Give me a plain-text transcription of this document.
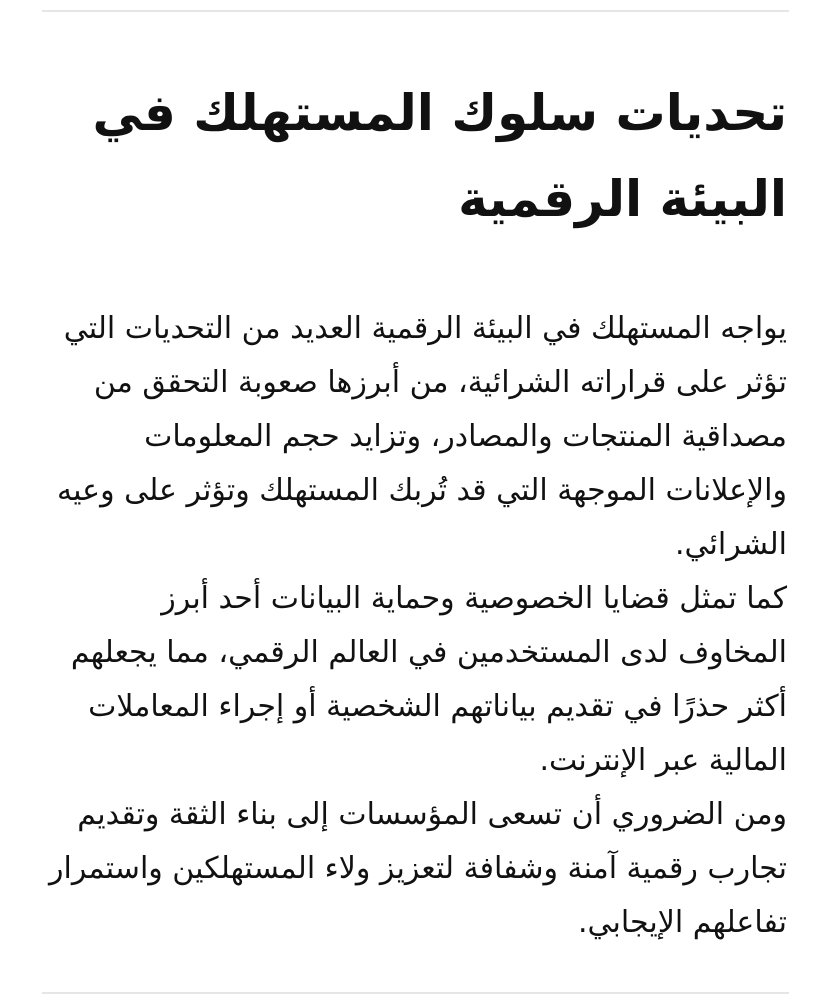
تحديات سلوك المستهلك في البيئة الرقمية

يواجه المستهلك في البيئة الرقمية العديد من التحديات التي تؤثر على قراراته الشرائية، من أبرزها صعوبة التحقق من مصداقية المنتجات والمصادر، وتزايد حجم المعلومات والإعلانات الموجهة التي قد تُربك المستهلك وتؤثر على وعيه الشرائي.

كما تمثل قضايا الخصوصية وحماية البيانات أحد أبرز المخاوف لدى المستخدمين في العالم الرقمي، مما يجعلهم أكثر حذرًا في تقديم بياناتهم الشخصية أو إجراء المعاملات المالية عبر الإنترنت.

ومن الضروري أن تسعى المؤسسات إلى بناء الثقة وتقديم تجارب رقمية آمنة وشفافة لتعزيز ولاء المستهلكين واستمرار تفاعلهم الإيجابي.
